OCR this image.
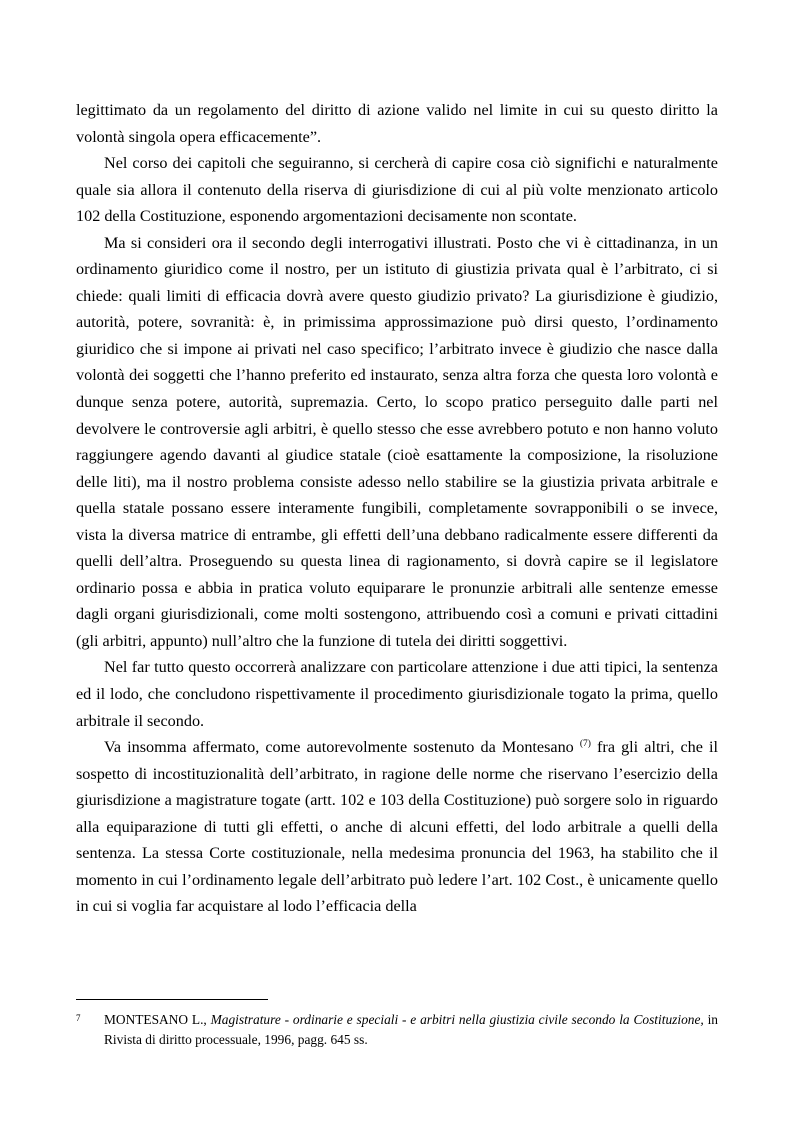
legittimato da un regolamento del diritto di azione valido nel limite in cui su questo diritto la volontà singola opera efficacemente”.

Nel corso dei capitoli che seguiranno, si cercherà di capire cosa ciò significhi e naturalmente quale sia allora il contenuto della riserva di giurisdizione di cui al più volte menzionato articolo 102 della Costituzione, esponendo argomentazioni decisamente non scontate.

Ma si consideri ora il secondo degli interrogativi illustrati. Posto che vi è cittadinanza, in un ordinamento giuridico come il nostro, per un istituto di giustizia privata qual è l’arbitrato, ci si chiede: quali limiti di efficacia dovrà avere questo giudizio privato? La giurisdizione è giudizio, autorità, potere, sovranità: è, in primissima approssimazione può dirsi questo, l’ordinamento giuridico che si impone ai privati nel caso specifico; l’arbitrato invece è giudizio che nasce dalla volontà dei soggetti che l’hanno preferito ed instaurato, senza altra forza che questa loro volontà e dunque senza potere, autorità, supremazia. Certo, lo scopo pratico perseguito dalle parti nel devolvere le controversie agli arbitri, è quello stesso che esse avrebbero potuto e non hanno voluto raggiungere agendo davanti al giudice statale (cioè esattamente la composizione, la risoluzione delle liti), ma il nostro problema consiste adesso nello stabilire se la giustizia privata arbitrale e quella statale possano essere interamente fungibili, completamente sovrapponibili o se invece, vista la diversa matrice di entrambe, gli effetti dell’una debbano radicalmente essere differenti da quelli dell’altra. Proseguendo su questa linea di ragionamento, si dovrà capire se il legislatore ordinario possa e abbia in pratica voluto equiparare le pronunzie arbitrali alle sentenze emesse dagli organi giurisdizionali, come molti sostengono, attribuendo così a comuni e privati cittadini (gli arbitri, appunto) null’altro che la funzione di tutela dei diritti soggettivi.

Nel far tutto questo occorrerà analizzare con particolare attenzione i due atti tipici, la sentenza ed il lodo, che concludono rispettivamente il procedimento giurisdizionale togato la prima, quello arbitrale il secondo.

Va insomma affermato, come autorevolmente sostenuto da Montesano $^{(7)}$ fra gli altri, che il sospetto di incostituzionalità dell’arbitrato, in ragione delle norme che riservano l’esercizio della giurisdizione a magistrature togate (artt. 102 e 103 della Costituzione) può sorgere solo in riguardo alla equiparazione di tutti gli effetti, o anche di alcuni effetti, del lodo arbitrale a quelli della sentenza. La stessa Corte costituzionale, nella medesima pronuncia del 1963, ha stabilito che il momento in cui l’ordinamento legale dell’arbitrato può ledere l’art. 102 Cost., è unicamente quello in cui si voglia far acquistare al lodo l’efficacia della

7 MONTESANO L., Magistrature - ordinarie e speciali - e arbitri nella giustizia civile secondo la Costituzione, in Rivista di diritto processuale, 1996, pagg. 645 ss.
